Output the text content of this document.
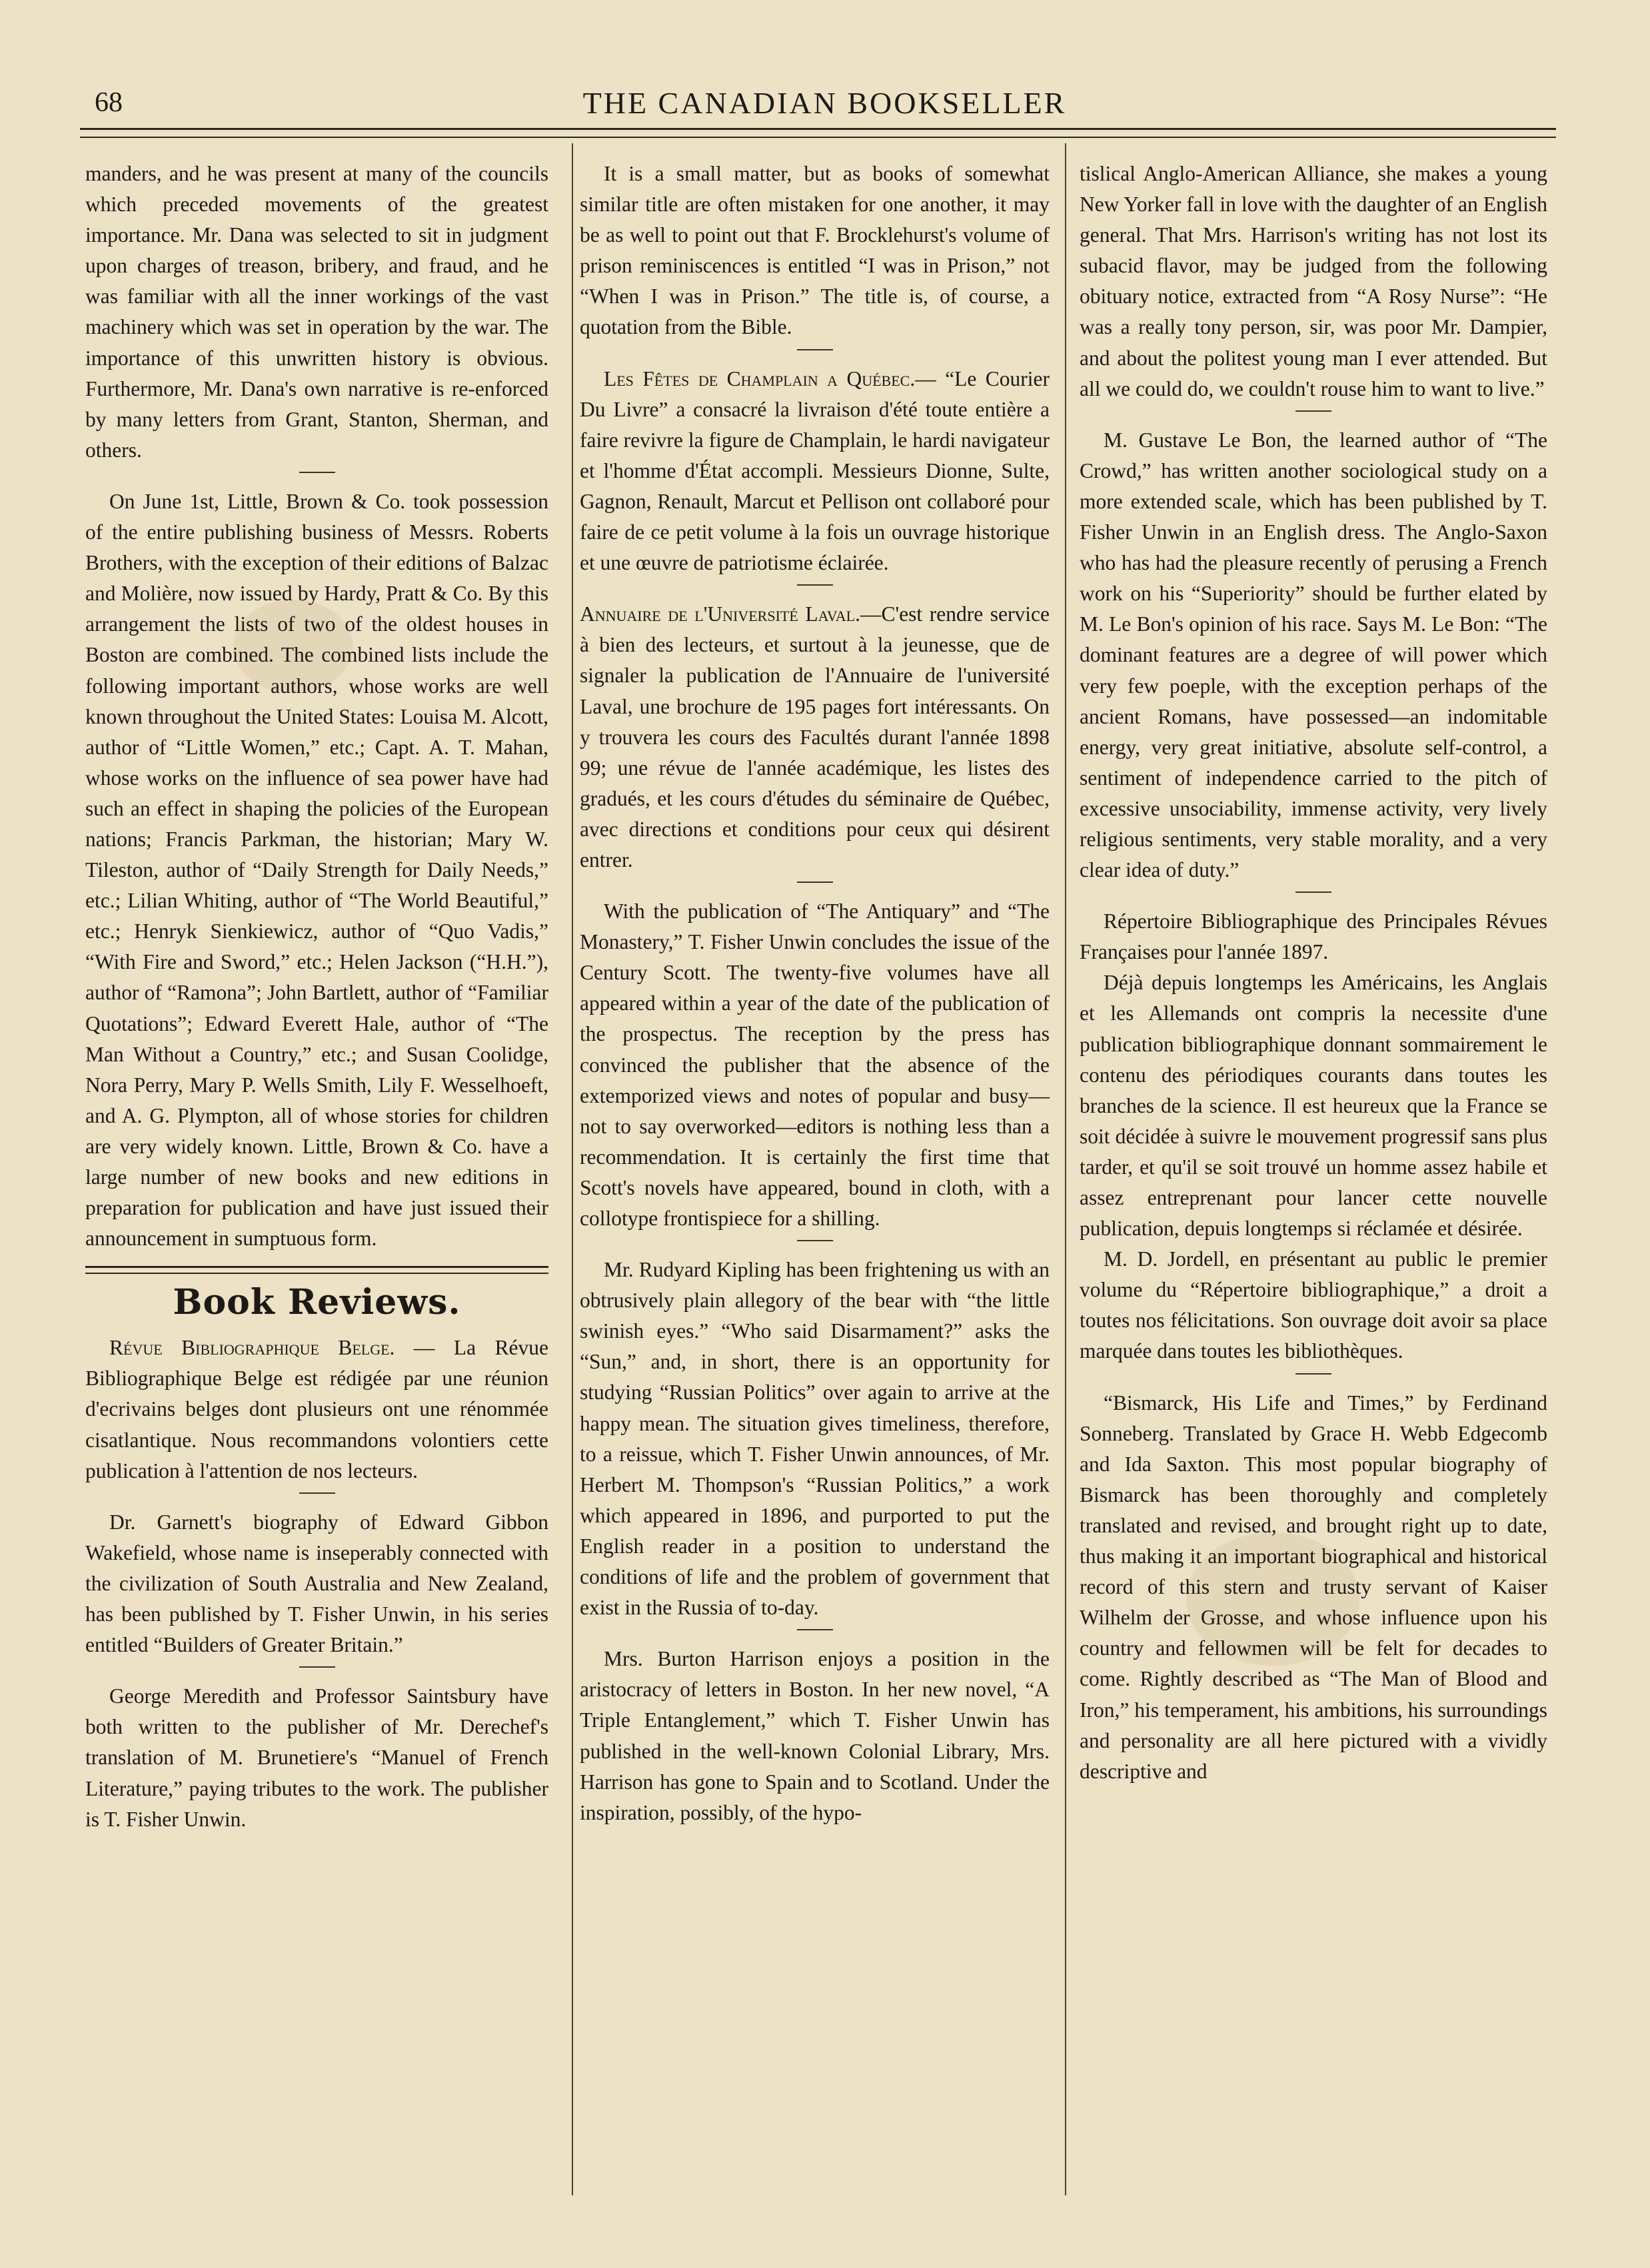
68	THE CANADIAN BOOKSELLER

manders, and he was present at many of the councils which preceded movements of the greatest importance. Mr. Dana was selected to sit in judgment upon charges of treason, bribery, and fraud, and he was familiar with all the inner workings of the vast machinery which was set in operation by the war. The importance of this unwritten history is obvious. Furthermore, Mr. Dana's own narrative is re-enforced by many letters from Grant, Stanton, Sherman, and others.

On June 1st, Little, Brown & Co. took possession of the entire publishing business of Messrs. Roberts Brothers, with the exception of their editions of Balzac and Molière, now issued by Hardy, Pratt & Co. By this arrangement the lists of two of the oldest houses in Boston are combined. The combined lists include the following important authors, whose works are well known throughout the United States: Louisa M. Alcott, author of “Little Women,” etc.; Capt. A. T. Mahan, whose works on the influence of sea power have had such an effect in shaping the policies of the European nations; Francis Parkman, the historian; Mary W. Tileston, author of “Daily Strength for Daily Needs,” etc.; Lilian Whiting, author of “The World Beautiful,” etc.; Henryk Sienkiewicz, author of “Quo Vadis,” “With Fire and Sword,” etc.; Helen Jackson (“H.H.”), author of “Ramona”; John Bartlett, author of “Familiar Quotations”; Edward Everett Hale, author of “The Man Without a Country,” etc.; and Susan Coolidge, Nora Perry, Mary P. Wells Smith, Lily F. Wesselhoeft, and A. G. Plympton, all of whose stories for children are very widely known. Little, Brown & Co. have a large number of new books and new editions in preparation for publication and have just issued their announcement in sumptuous form.

Book Reviews.

Révue Bibliographique Belge. — La Révue Bibliographique Belge est rédigée par une réunion d'ecrivains belges dont plusieurs ont une rénommée cisatlantique. Nous recommandons volontiers cette publication à l'attention de nos lecteurs.

Dr. Garnett's biography of Edward Gibbon Wakefield, whose name is inseperably connected with the civilization of South Australia and New Zealand, has been published by T. Fisher Unwin, in his series entitled “Builders of Greater Britain.”

George Meredith and Professor Saintsbury have both written to the publisher of Mr. Derechef's translation of M. Brunetiere's “Manuel of French Literature,” paying tributes to the work. The publisher is T. Fisher Unwin.

It is a small matter, but as books of somewhat similar title are often mistaken for one another, it may be as well to point out that F. Brocklehurst's volume of prison reminiscences is entitled “I was in Prison,” not “When I was in Prison.” The title is, of course, a quotation from the Bible.

Les Fêtes de Champlain a Québec.— “Le Courier Du Livre” a consacré la livraison d'été toute entière a faire revivre la figure de Champlain, le hardi navigateur et l'homme d'État accompli. Messieurs Dionne, Sulte, Gagnon, Renault, Marcut et Pellison ont collaboré pour faire de ce petit volume à la fois un ouvrage historique et une œuvre de patriotisme éclairée.

Annuaire de l'Université Laval.—C'est rendre service à bien des lecteurs, et surtout à la jeunesse, que de signaler la publication de l'Annuaire de l'université Laval, une brochure de 195 pages fort intéressants. On y trouvera les cours des Facultés durant l'année 1898 99; une révue de l'année académique, les listes des gradués, et les cours d'études du séminaire de Québec, avec directions et conditions pour ceux qui désirent entrer.

With the publication of “The Antiquary” and “The Monastery,” T. Fisher Unwin concludes the issue of the Century Scott. The twenty-five volumes have all appeared within a year of the date of the publication of the prospectus. The reception by the press has convinced the publisher that the absence of the extemporized views and notes of popular and busy—not to say overworked—editors is nothing less than a recommendation. It is certainly the first time that Scott's novels have appeared, bound in cloth, with a collotype frontispiece for a shilling.

Mr. Rudyard Kipling has been frightening us with an obtrusively plain allegory of the bear with “the little swinish eyes.” “Who said Disarmament?” asks the “Sun,” and, in short, there is an opportunity for studying “Russian Politics” over again to arrive at the happy mean. The situation gives timeliness, therefore, to a reissue, which T. Fisher Unwin announces, of Mr. Herbert M. Thompson's “Russian Politics,” a work which appeared in 1896, and purported to put the English reader in a position to understand the conditions of life and the problem of government that exist in the Russia of to-day.

Mrs. Burton Harrison enjoys a position in the aristocracy of letters in Boston. In her new novel, “A Triple Entanglement,” which T. Fisher Unwin has published in the well-known Colonial Library, Mrs. Harrison has gone to Spain and to Scotland. Under the inspiration, possibly, of the hypo-

tislical Anglo-American Alliance, she makes a young New Yorker fall in love with the daughter of an English general. That Mrs. Harrison's writing has not lost its subacid flavor, may be judged from the following obituary notice, extracted from “A Rosy Nurse”: “He was a really tony person, sir, was poor Mr. Dampier, and about the politest young man I ever attended. But all we could do, we couldn't rouse him to want to live.”

M. Gustave Le Bon, the learned author of “The Crowd,” has written another sociological study on a more extended scale, which has been published by T. Fisher Unwin in an English dress. The Anglo-Saxon who has had the pleasure recently of perusing a French work on his “Superiority” should be further elated by M. Le Bon's opinion of his race. Says M. Le Bon: “The dominant features are a degree of will power which very few poeple, with the exception perhaps of the ancient Romans, have possessed—an indomitable energy, very great initiative, absolute self-control, a sentiment of independence carried to the pitch of excessive unsociability, immense activity, very lively religious sentiments, very stable morality, and a very clear idea of duty.”

Répertoire Bibliographique des Principales Révues Françaises pour l'année 1897.

Déjà depuis longtemps les Américains, les Anglais et les Allemands ont compris la necessite d'une publication bibliographique donnant sommairement le contenu des périodiques courants dans toutes les branches de la science. Il est heureux que la France se soit décidée à suivre le mouvement progressif sans plus tarder, et qu'il se soit trouvé un homme assez habile et assez entreprenant pour lancer cette nouvelle publication, depuis longtemps si réclamée et désirée.

M. D. Jordell, en présentant au public le premier volume du “Répertoire bibliographique,” a droit a toutes nos félicitations. Son ouvrage doit avoir sa place marquée dans toutes les bibliothèques.

“Bismarck, His Life and Times,” by Ferdinand Sonneberg. Translated by Grace H. Webb Edgecomb and Ida Saxton. This most popular biography of Bismarck has been thoroughly and completely translated and revised, and brought right up to date, thus making it an important biographical and historical record of this stern and trusty servant of Kaiser Wilhelm der Grosse, and whose influence upon his country and fellowmen will be felt for decades to come. Rightly described as “The Man of Blood and Iron,” his temperament, his ambitions, his surroundings and personality are all here pictured with a vividly descriptive and
